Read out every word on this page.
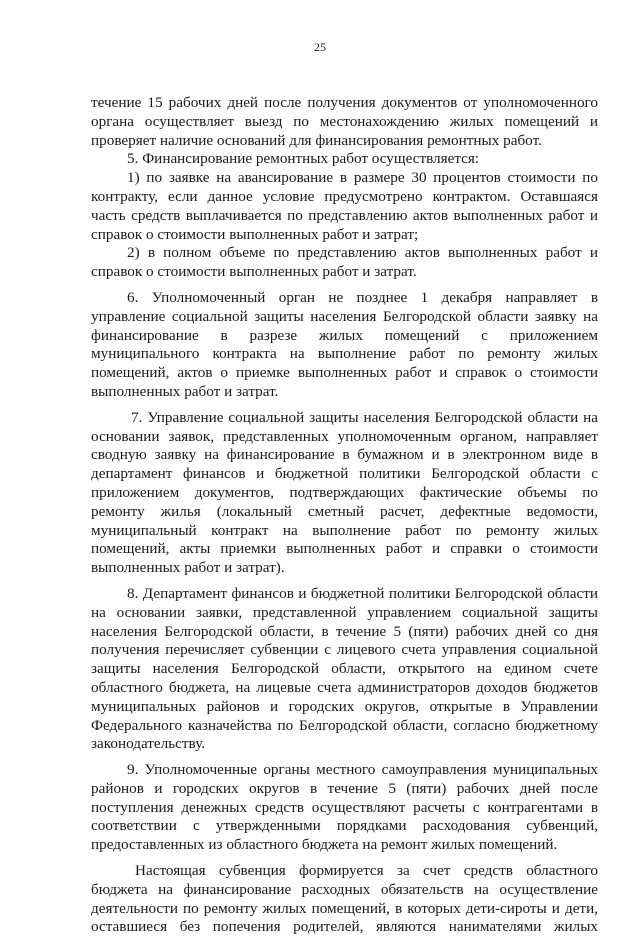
25

течение 15 рабочих дней после получения документов от уполномоченного

органа осуществляет выезд по местонахождению жилых помещений и

проверяет наличие оснований для финансирования ремонтных работ.

5. Финансирование ремонтных работ осуществляется:

1) по заявке на авансирование в размере 30 процентов стоимости по

контракту, если данное условие предусмотрено контрактом. Оставшаяся

часть средств выплачивается по представлению актов выполненных работ и

справок о стоимости выполненных работ и затрат;

2) в полном объеме по представлению актов выполненных работ и

справок о стоимости выполненных работ и затрат.

6. Уполномоченный орган не позднее 1 декабря направляет в

управление социальной защиты населения Белгородской области заявку на

финансирование в разрезе жилых помещений с приложением

муниципального контракта на выполнение работ по ремонту жилых

помещений, актов о приемке выполненных работ и справок о стоимости

выполненных работ и затрат.

7. Управление социальной защиты населения Белгородской области на

основании заявок, представленных уполномоченным органом, направляет

сводную заявку на финансирование в бумажном и в электронном виде в

департамент финансов и бюджетной политики Белгородской области с

приложением документов, подтверждающих фактические объемы по

ремонту жилья (локальный сметный расчет, дефектные ведомости,

муниципальный контракт на выполнение работ по ремонту жилых

помещений, акты приемки выполненных работ и справки о стоимости

выполненных работ и затрат).

8. Департамент финансов и бюджетной политики Белгородской области

на основании заявки, представленной управлением социальной защиты

населения Белгородской области, в течение 5 (пяти) рабочих дней со дня

получения перечисляет субвенции с лицевого счета управления социальной

защиты населения Белгородской области, открытого на едином счете

областного бюджета, на лицевые счета администраторов доходов бюджетов

муниципальных районов и городских округов, открытые в Управлении

Федерального казначейства по Белгородской области, согласно бюджетному

законодательству.

9. Уполномоченные органы местного самоуправления муниципальных

районов и городских округов в течение 5 (пяти) рабочих дней после

поступления денежных средств осуществляют расчеты с контрагентами в

соответствии с утвержденными порядками расходования субвенций,

предоставленных из областного бюджета на ремонт жилых помещений.

Настоящая субвенция формируется за счет средств областного

бюджета на финансирование расходных обязательств на осуществление

деятельности по ремонту жилых помещений, в которых дети-сироты и дети,

оставшиеся без попечения родителей, являются нанимателями жилых
